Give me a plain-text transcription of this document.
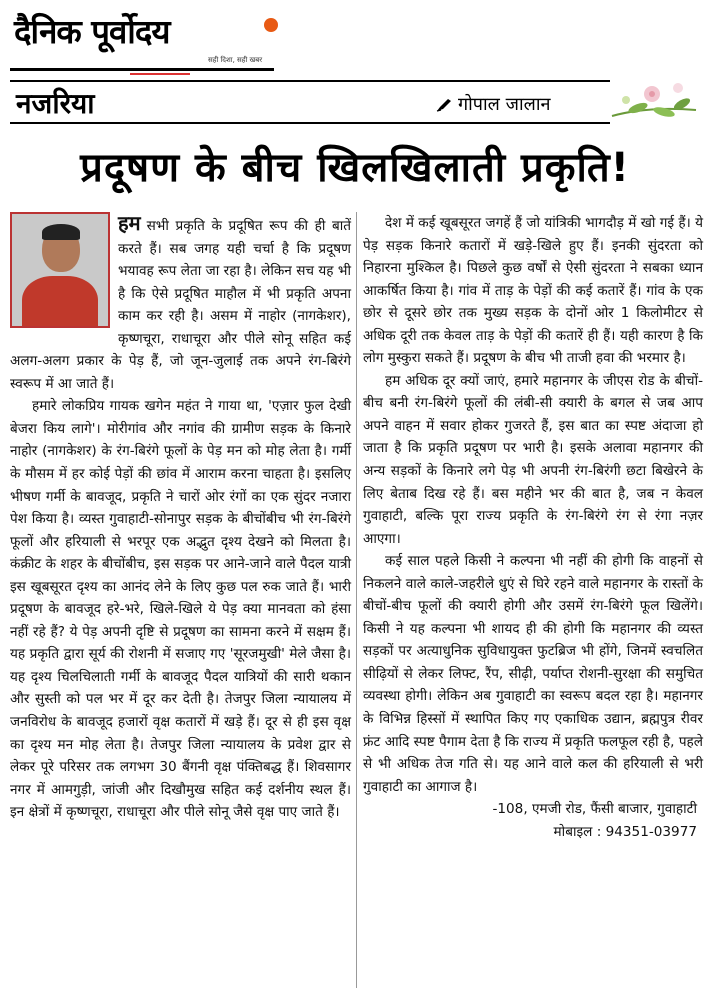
दैनिक पूर्वोदय
सही दिशा, सही खबर
नजरिया	गोपाल जालान
प्रदूषण के बीच खिलखिलाती प्रकृति!

हम सभी प्रकृति के प्रदूषित रूप की ही बातें करते हैं। सब जगह यही चर्चा है कि प्रदूषण भयावह रूप लेता जा रहा है। लेकिन सच यह भी है कि ऐसे प्रदूषित माहौल में भी प्रकृति अपना काम कर रही है। असम में नाहोर (नागकेशर), कृष्णचूरा, राधाचूरा और पीले सोनू सहित कई अलग-अलग प्रकार के पेड़ हैं, जो जून-जुलाई तक अपने रंग-बिरंगे स्वरूप में आ जाते हैं।

हमारे लोकप्रिय गायक खगेन महंत ने गाया था, 'एज़ार फुल देखी बेजरा किय लागे'। मोरीगांव और नगांव की ग्रामीण सड़क के किनारे नाहोर (नागकेशर) के रंग-बिरंगे फूलों के पेड़ मन को मोह लेता है। गर्मी के मौसम में हर कोई पेड़ों की छांव में आराम करना चाहता है। इसलिए भीषण गर्मी के बावजूद, प्रकृति ने चारों ओर रंगों का एक सुंदर नजारा पेश किया है। व्यस्त गुवाहाटी-सोनापुर सड़क के बीचोंबीच भी रंग-बिरंगे फूलों और हरियाली से भरपूर एक अद्भुत दृश्य देखने को मिलता है। कंक्रीट के शहर के बीचोंबीच, इस सड़क पर आने-जाने वाले पैदल यात्री इस खूबसूरत दृश्य का आनंद लेने के लिए कुछ पल रुक जाते हैं। भारी प्रदूषण के बावजूद हरे-भरे, खिले-खिले ये पेड़ क्या मानवता को हंसा नहीं रहे हैं? ये पेड़ अपनी दृष्टि से प्रदूषण का सामना करने में सक्षम हैं। यह प्रकृति द्वारा सूर्य की रोशनी में सजाए गए 'सूरजमुखी' मेले जैसा है। यह दृश्य चिलचिलाती गर्मी के बावजूद पैदल यात्रियों की सारी थकान और सुस्ती को पल भर में दूर कर देती है। तेजपुर जिला न्यायालय में जनविरोध के बावजूद हजारों वृक्ष कतारों में खड़े हैं। दूर से ही इस वृक्ष का दृश्य मन मोह लेता है। तेजपुर जिला न्यायालय के प्रवेश द्वार से लेकर पूरे परिसर तक लगभग 30 बैंगनी वृक्ष पंक्तिबद्ध हैं। शिवसागर नगर में आमगुड़ी, जांजी और दिखौमुख सहित कई दर्शनीय स्थल हैं। इन क्षेत्रों में कृष्णचूरा, राधाचूरा और पीले सोनू जैसे वृक्ष पाए जाते हैं।

देश में कई खूबसूरत जगहें हैं जो यांत्रिकी भागदौड़ में खो गई हैं। ये पेड़ सड़क किनारे कतारों में खड़े-खिले हुए हैं। इनकी सुंदरता को निहारना मुश्किल है। पिछले कुछ वर्षों से ऐसी सुंदरता ने सबका ध्यान आकर्षित किया है। गांव में ताड़ के पेड़ों की कई कतारें हैं। गांव के एक छोर से दूसरे छोर तक मुख्य सड़क के दोनों ओर 1 किलोमीटर से अधिक दूरी तक केवल ताड़ के पेड़ों की कतारें ही हैं। यही कारण है कि लोग मुस्कुरा सकते हैं। प्रदूषण के बीच भी ताजी हवा की भरमार है।

हम अधिक दूर क्यों जाएं, हमारे महानगर के जीएस रोड के बीचों-बीच बनी रंग-बिरंगे फूलों की लंबी-सी क्यारी के बगल से जब आप अपने वाहन में सवार होकर गुजरते हैं, इस बात का स्पष्ट अंदाजा हो जाता है कि प्रकृति प्रदूषण पर भारी है। इसके अलावा महानगर की अन्य सड़कों के किनारे लगे पेड़ भी अपनी रंग-बिरंगी छटा बिखेरने के लिए बेताब दिख रहे हैं। बस महीने भर की बात है, जब न केवल गुवाहाटी, बल्कि पूरा राज्य प्रकृति के रंग-बिरंगे रंग से रंगा नज़र आएगा।

कई साल पहले किसी ने कल्पना भी नहीं की होगी कि वाहनों से निकलने वाले काले-जहरीले धुएं से घिरे रहने वाले महानगर के रास्तों के बीचों-बीच फूलों की क्यारी होगी और उसमें रंग-बिरंगे फूल खिलेंगे। किसी ने यह कल्पना भी शायद ही की होगी कि महानगर की व्यस्त सड़कों पर अत्याधुनिक सुविधायुक्त फुटब्रिज भी होंगे, जिनमें स्वचलित सीढ़ियों से लेकर लिफ्ट, रैंप, सीढ़ी, पर्याप्त रोशनी-सुरक्षा की समुचित व्यवस्था होगी। लेकिन अब गुवाहाटी का स्वरूप बदल रहा है। महानगर के विभिन्न हिस्सों में स्थापित किए गए एकाधिक उद्यान, ब्रह्मपुत्र रीवर फ्रंट आदि स्पष्ट पैगाम देता है कि राज्य में प्रकृति फलफूल रही है, पहले से भी अधिक तेज गति से। यह आने वाले कल की हरियाली से भरी गुवाहाटी का आगाज है।

-108, एमजी रोड, फैंसी बाजार, गुवाहाटी

मोबाइल : 94351-03977
